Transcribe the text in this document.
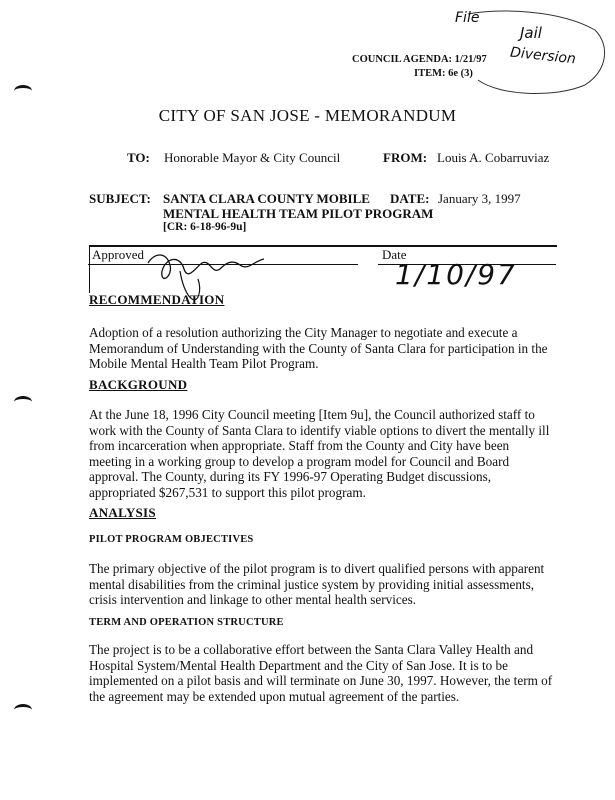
File
Jail
Diversion
COUNCIL AGENDA: 1/21/97
ITEM: 6e (3)
CITY OF SAN JOSE - MEMORANDUM
TO: Honorable Mayor & City Council	FROM: Louis A. Cobarruviaz
SUBJECT: SANTA CLARA COUNTY MOBILE
MENTAL HEALTH TEAM PILOT PROGRAM
[CR: 6-18-96-9u]
DATE: January 3, 1997
Approved	Date
1/10/97
RECOMMENDATION
Adoption of a resolution authorizing the City Manager to negotiate and execute a
Memorandum of Understanding with the County of Santa Clara for participation in the
Mobile Mental Health Team Pilot Program.
BACKGROUND
At the June 18, 1996 City Council meeting [Item 9u], the Council authorized staff to
work with the County of Santa Clara to identify viable options to divert the mentally ill
from incarceration when appropriate. Staff from the County and City have been
meeting in a working group to develop a program model for Council and Board
approval. The County, during its FY 1996-97 Operating Budget discussions,
appropriated $267,531 to support this pilot program.
ANALYSIS
PILOT PROGRAM OBJECTIVES
The primary objective of the pilot program is to divert qualified persons with apparent
mental disabilities from the criminal justice system by providing initial assessments,
crisis intervention and linkage to other mental health services.
TERM AND OPERATION STRUCTURE
The project is to be a collaborative effort between the Santa Clara Valley Health and
Hospital System/Mental Health Department and the City of San Jose. It is to be
implemented on a pilot basis and will terminate on June 30, 1997. However, the term of
the agreement may be extended upon mutual agreement of the parties.
